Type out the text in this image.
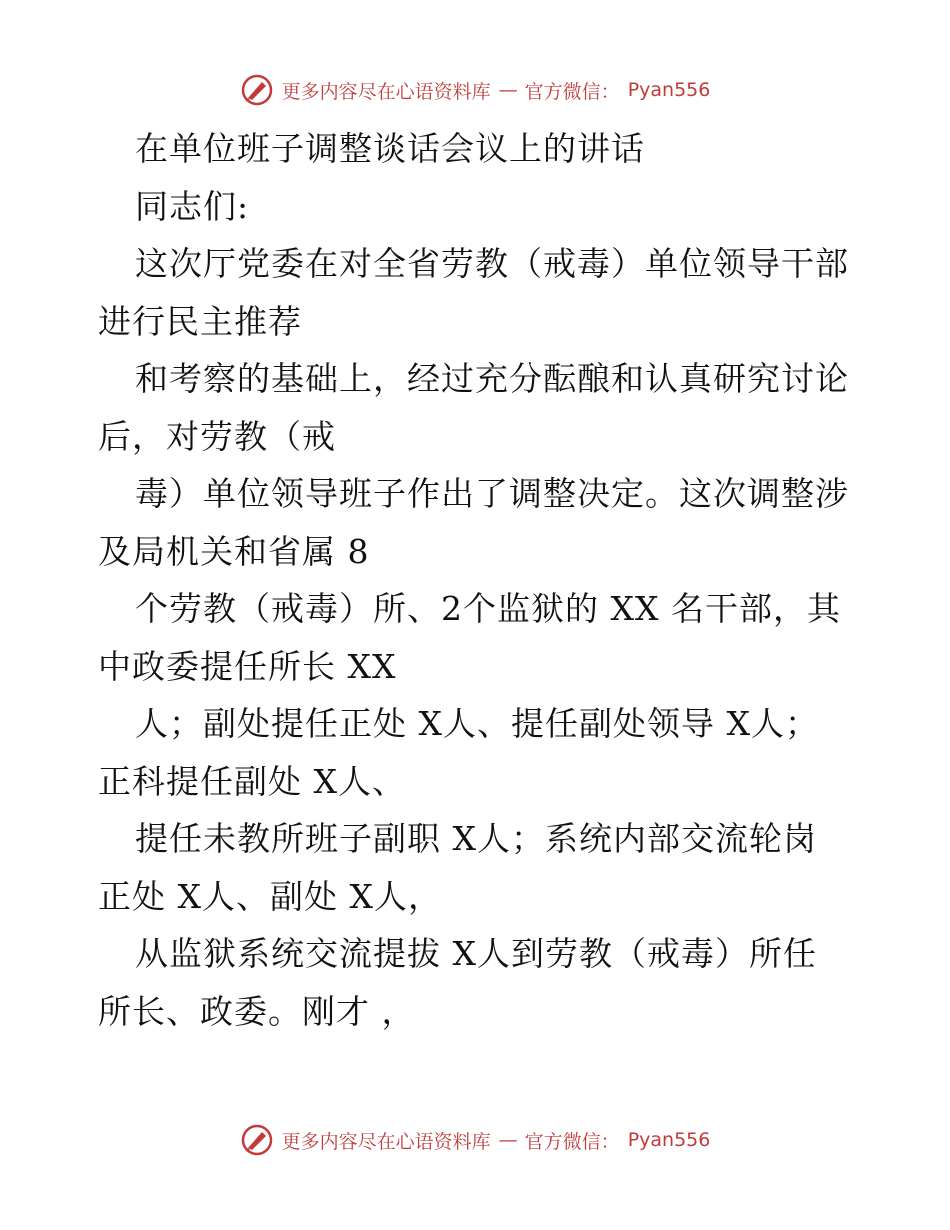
更多内容尽在心语资料库 — 官方微信： Pyan556
在单位班子调整谈话会议上的讲话
同志们:
这次厅党委在对全省劳教（戒毒）单位领导干部
进行民主推荐
和考察的基础上，经过充分酝酿和认真研究讨论
后，对劳教（戒
毒）单位领导班子作出了调整决定。这次调整涉
及局机关和省属 8
个劳教（戒毒）所、2个监狱的 XX 名干部，其
中政委提任所长 XX
人；副处提任正处 X人、提任副处领导 X人；
正科提任副处 X人、
提任未教所班子副职 X人；系统内部交流轮岗
正处 X人、副处 X人，
从监狱系统交流提拔 X人到劳教（戒毒）所任
所长、政委。刚才 ，
更多内容尽在心语资料库 — 官方微信： Pyan556
